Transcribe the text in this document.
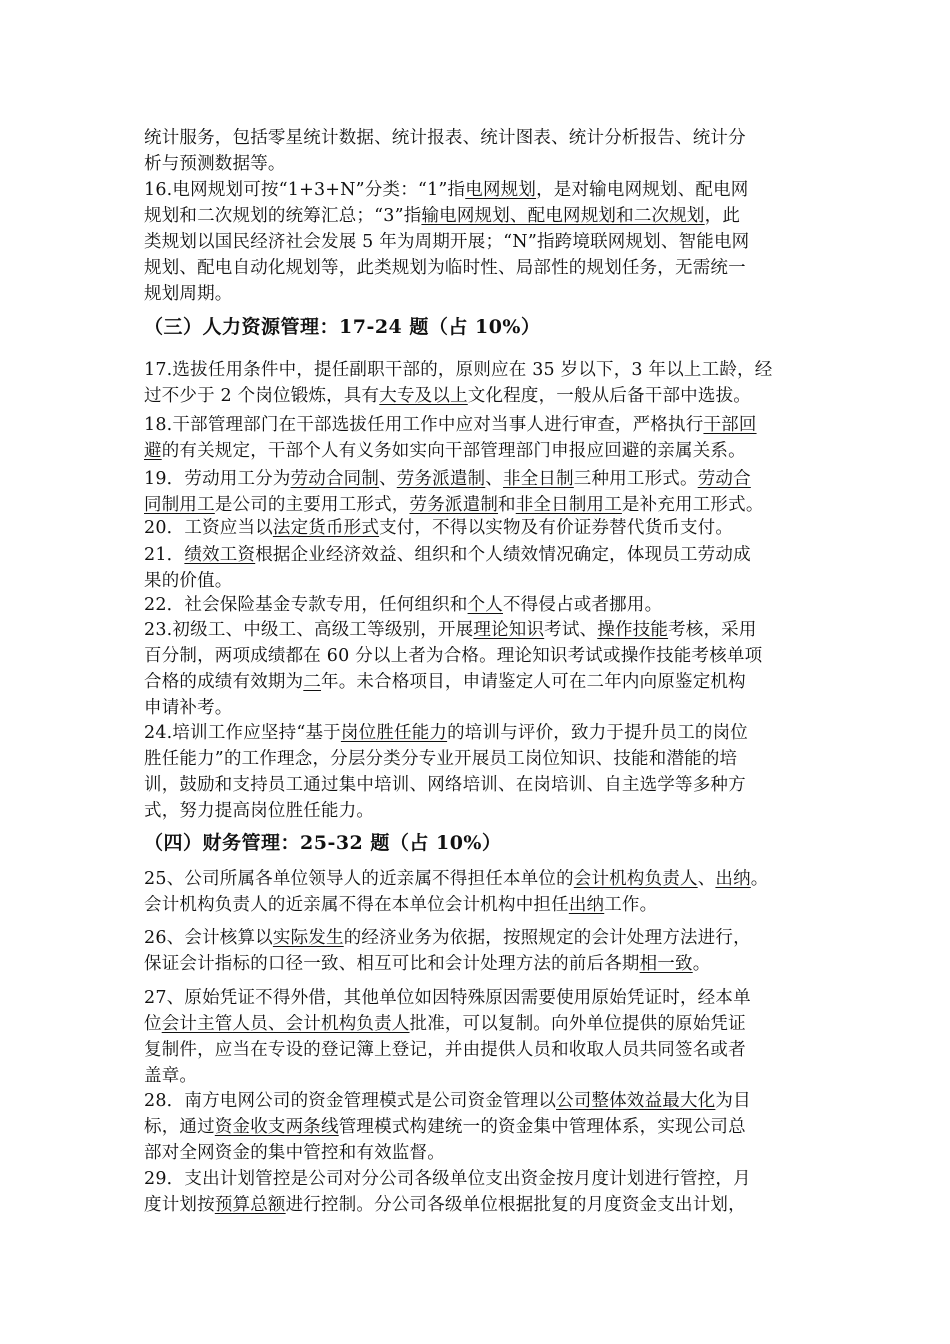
统计服务，包括零星统计数据、统计报表、统计图表、统计分析报告、统计分
析与预测数据等。
16.电网规划可按“1+3+N”分类：“1”指电网规划，是对输电网规划、配电网
规划和二次规划的统筹汇总；“3”指输电网规划、配电网规划和二次规划，此
类规划以国民经济社会发展 5 年为周期开展；“N”指跨境联网规划、智能电网
规划、配电自动化规划等，此类规划为临时性、局部性的规划任务，无需统一
规划周期。
（三）人力资源管理：17-24 题（占 10%）
17.选拔任用条件中，提任副职干部的，原则应在 35 岁以下，3 年以上工龄，经
过不少于 2 个岗位锻炼，具有大专及以上文化程度，一般从后备干部中选拔。
18.干部管理部门在干部选拔任用工作中应对当事人进行审查，严格执行干部回
避的有关规定，干部个人有义务如实向干部管理部门申报应回避的亲属关系。
19．劳动用工分为劳动合同制、劳务派遣制、非全日制三种用工形式。劳动合
同制用工是公司的主要用工形式，劳务派遣制和非全日制用工是补充用工形式。
20．工资应当以法定货币形式支付，不得以实物及有价证券替代货币支付。
21．绩效工资根据企业经济效益、组织和个人绩效情况确定，体现员工劳动成
果的价值。
22．社会保险基金专款专用，任何组织和个人不得侵占或者挪用。
23.初级工、中级工、高级工等级别，开展理论知识考试、操作技能考核，采用
百分制，两项成绩都在 60 分以上者为合格。理论知识考试或操作技能考核单项
合格的成绩有效期为二年。未合格项目，申请鉴定人可在二年内向原鉴定机构
申请补考。
24.培训工作应坚持“基于岗位胜任能力的培训与评价，致力于提升员工的岗位
胜任能力”的工作理念，分层分类分专业开展员工岗位知识、技能和潜能的培
训，鼓励和支持员工通过集中培训、网络培训、在岗培训、自主选学等多种方
式，努力提高岗位胜任能力。
（四）财务管理：25-32 题（占 10%）
25、公司所属各单位领导人的近亲属不得担任本单位的会计机构负责人、出纳。
会计机构负责人的近亲属不得在本单位会计机构中担任出纳工作。
26、会计核算以实际发生的经济业务为依据，按照规定的会计处理方法进行，
保证会计指标的口径一致、相互可比和会计处理方法的前后各期相一致。
27、原始凭证不得外借，其他单位如因特殊原因需要使用原始凭证时，经本单
位会计主管人员、会计机构负责人批准，可以复制。向外单位提供的原始凭证
复制件，应当在专设的登记簿上登记，并由提供人员和收取人员共同签名或者
盖章。
28．南方电网公司的资金管理模式是公司资金管理以公司整体效益最大化为目
标，通过资金收支两条线管理模式构建统一的资金集中管理体系，实现公司总
部对全网资金的集中管控和有效监督。
29．支出计划管控是公司对分公司各级单位支出资金按月度计划进行管控，月
度计划按预算总额进行控制。分公司各级单位根据批复的月度资金支出计划，
